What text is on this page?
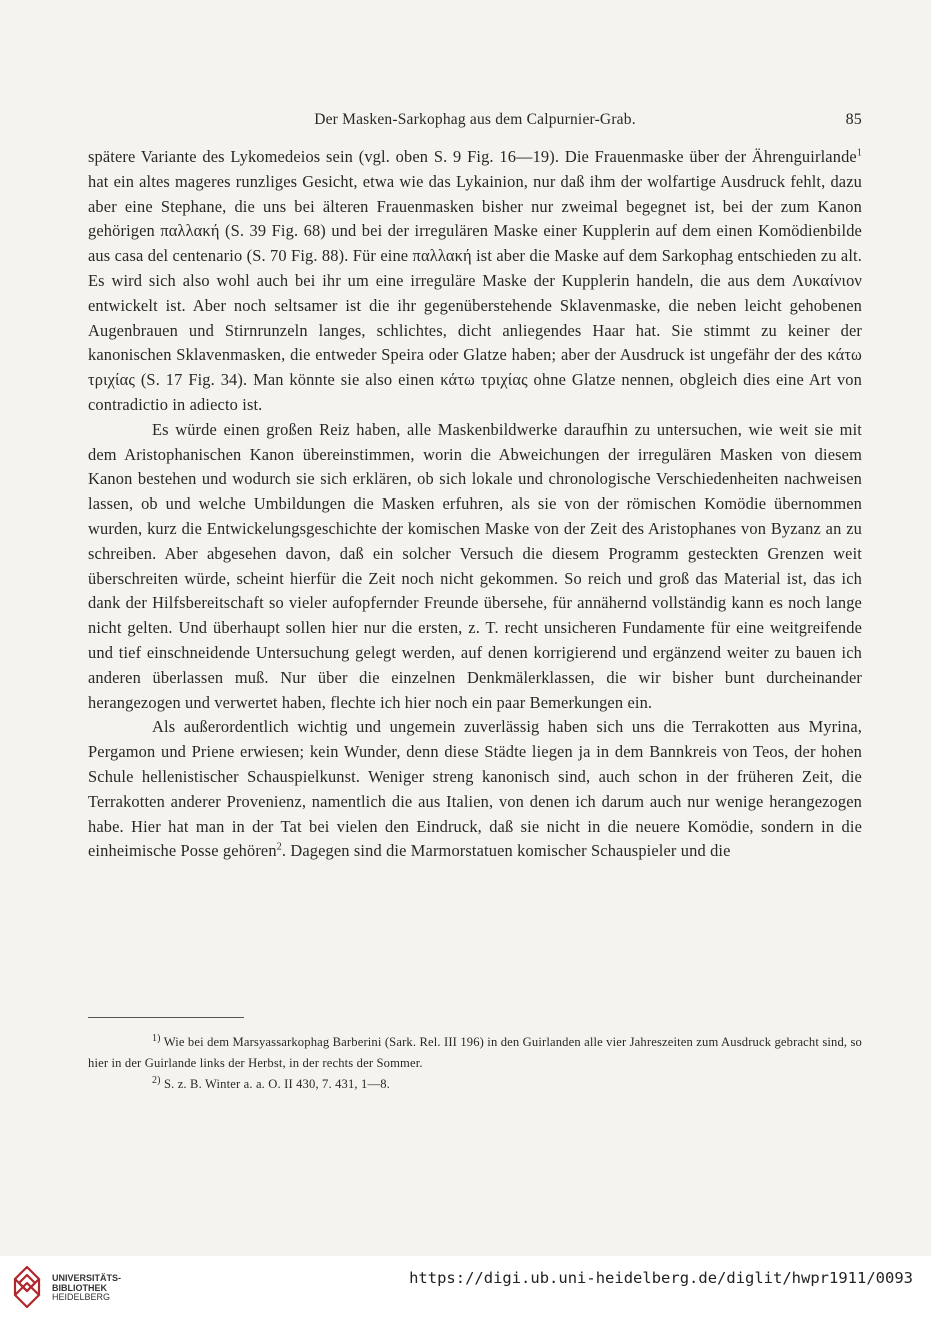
Der Masken-Sarkophag aus dem Calpurnier-Grab.	85

spätere Variante des Lykomedeios sein (vgl. oben S. 9 Fig. 16—19). Die Frauenmaske über der Ährenguirlande$^1$ hat ein altes mageres runzliges Gesicht, etwa wie das Lykainion, nur daß ihm der wolfartige Ausdruck fehlt, dazu aber eine Stephane, die uns bei älteren Frauenmasken bisher nur zweimal begegnet ist, bei der zum Kanon gehörigen παλλακή (S. 39 Fig. 68) und bei der irregulären Maske einer Kupplerin auf dem einen Komödienbilde aus casa del centenario (S. 70 Fig. 88). Für eine παλλακή ist aber die Maske auf dem Sarkophag entschieden zu alt. Es wird sich also wohl auch bei ihr um eine irreguläre Maske der Kupplerin handeln, die aus dem Λυκαίνιον entwickelt ist. Aber noch seltsamer ist die ihr gegenüberstehende Sklavenmaske, die neben leicht gehobenen Augenbrauen und Stirnrunzeln langes, schlichtes, dicht anliegendes Haar hat. Sie stimmt zu keiner der kanonischen Sklavenmasken, die entweder Speira oder Glatze haben; aber der Ausdruck ist ungefähr der des κάτω τριχίας (S. 17 Fig. 34). Man könnte sie also einen κάτω τριχίας ohne Glatze nennen, obgleich dies eine Art von contradictio in adiecto ist.

Es würde einen großen Reiz haben, alle Maskenbildwerke daraufhin zu untersuchen, wie weit sie mit dem Aristophanischen Kanon übereinstimmen, worin die Abweichungen der irregulären Masken von diesem Kanon bestehen und wodurch sie sich erklären, ob sich lokale und chronologische Verschiedenheiten nachweisen lassen, ob und welche Umbildungen die Masken erfuhren, als sie von der römischen Komödie übernommen wurden, kurz die Entwickelungsgeschichte der komischen Maske von der Zeit des Aristophanes von Byzanz an zu schreiben. Aber abgesehen davon, daß ein solcher Versuch die diesem Programm gesteckten Grenzen weit überschreiten würde, scheint hierfür die Zeit noch nicht gekommen. So reich und groß das Material ist, das ich dank der Hilfsbereitschaft so vieler aufopfernder Freunde übersehe, für annähernd vollständig kann es noch lange nicht gelten. Und überhaupt sollen hier nur die ersten, z. T. recht unsicheren Fundamente für eine weitgreifende und tief einschneidende Untersuchung gelegt werden, auf denen korrigierend und ergänzend weiter zu bauen ich anderen überlassen muß. Nur über die einzelnen Denkmälerklassen, die wir bisher bunt durcheinander herangezogen und verwertet haben, flechte ich hier noch ein paar Bemerkungen ein.

Als außerordentlich wichtig und ungemein zuverlässig haben sich uns die Terrakotten aus Myrina, Pergamon und Priene erwiesen; kein Wunder, denn diese Städte liegen ja in dem Bannkreis von Teos, der hohen Schule hellenistischer Schauspielkunst. Weniger streng kanonisch sind, auch schon in der früheren Zeit, die Terrakotten anderer Provenienz, namentlich die aus Italien, von denen ich darum auch nur wenige herangezogen habe. Hier hat man in der Tat bei vielen den Eindruck, daß sie nicht in die neuere Komödie, sondern in die einheimische Posse gehören$^2$. Dagegen sind die Marmorstatuen komischer Schauspieler und die

$^{1)}$ Wie bei dem Marsyassarkophag Barberini (Sark. Rel. III 196) in den Guirlanden alle vier Jahreszeiten zum Ausdruck gebracht sind, so hier in der Guirlande links der Herbst, in der rechts der Sommer.

$^{2)}$ S. z. B. Winter a. a. O. II 430, 7. 431, 1—8.

UNIVERSITÄTS-
BIBLIOTHEK
HEIDELBERG
https://digi.ub.uni-heidelberg.de/diglit/hwpr1911/0093
